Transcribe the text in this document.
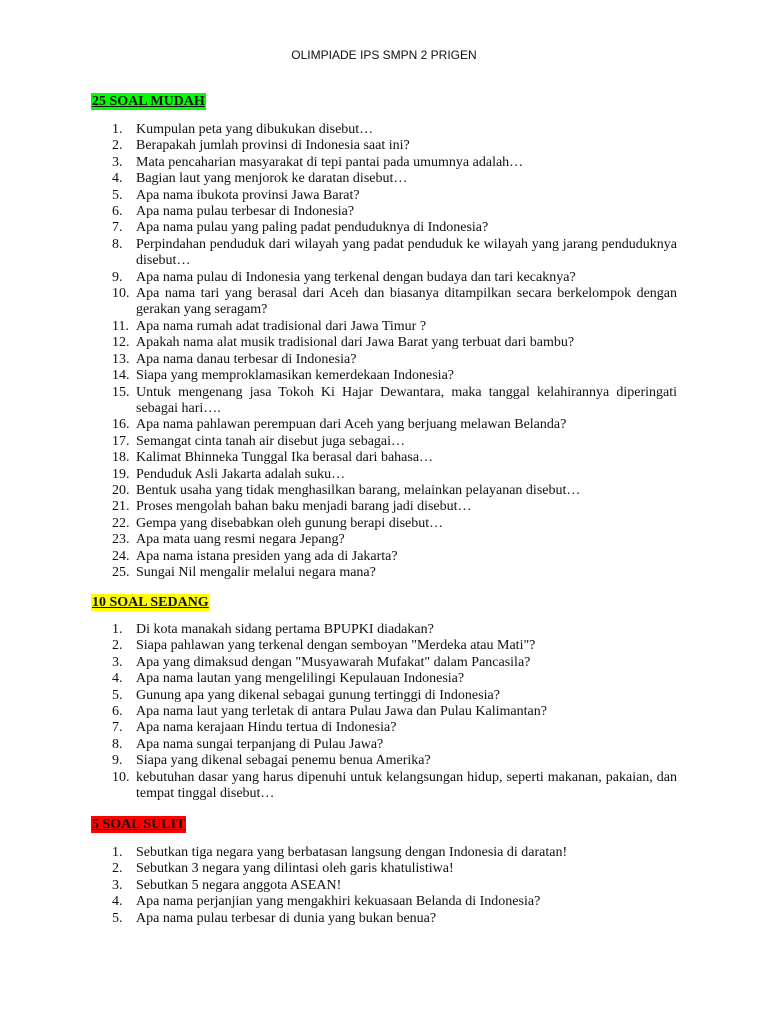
OLIMPIADE IPS SMPN 2 PRIGEN
25 SOAL MUDAH
1. Kumpulan peta yang dibukukan disebut…
2. Berapakah jumlah provinsi di Indonesia saat ini?
3. Mata pencaharian masyarakat di tepi pantai pada umumnya adalah…
4. Bagian laut yang menjorok ke daratan disebut…
5. Apa nama ibukota provinsi Jawa Barat?
6. Apa nama pulau terbesar di Indonesia?
7. Apa nama pulau yang paling padat penduduknya di Indonesia?
8. Perpindahan penduduk dari wilayah yang padat penduduk ke wilayah yang jarang penduduknya disebut…
9. Apa nama pulau di Indonesia yang terkenal dengan budaya dan tari kecaknya?
10. Apa nama tari yang berasal dari Aceh dan biasanya ditampilkan secara berkelompok dengan gerakan yang seragam?
11. Apa nama rumah adat tradisional dari Jawa Timur ?
12. Apakah nama alat musik tradisional dari Jawa Barat yang terbuat dari bambu?
13. Apa nama danau terbesar di Indonesia?
14. Siapa yang memproklamasikan kemerdekaan Indonesia?
15. Untuk mengenang jasa Tokoh Ki Hajar Dewantara, maka tanggal kelahirannya diperingati sebagai hari….
16. Apa nama pahlawan perempuan dari Aceh yang berjuang melawan Belanda?
17. Semangat cinta tanah air disebut juga sebagai…
18. Kalimat Bhinneka Tunggal Ika berasal dari bahasa…
19. Penduduk Asli Jakarta adalah suku…
20. Bentuk usaha yang tidak menghasilkan barang, melainkan pelayanan disebut…
21. Proses mengolah bahan baku menjadi barang jadi disebut…
22. Gempa yang disebabkan oleh gunung berapi disebut…
23. Apa mata uang resmi negara Jepang?
24. Apa nama istana presiden yang ada di Jakarta?
25. Sungai Nil mengalir melalui negara mana?
10 SOAL SEDANG
1. Di kota manakah sidang pertama BPUPKI diadakan?
2. Siapa pahlawan yang terkenal dengan semboyan "Merdeka atau Mati"?
3. Apa yang dimaksud dengan "Musyawarah Mufakat" dalam Pancasila?
4. Apa nama lautan yang mengelilingi Kepulauan Indonesia?
5. Gunung apa yang dikenal sebagai gunung tertinggi di Indonesia?
6. Apa nama laut yang terletak di antara Pulau Jawa dan Pulau Kalimantan?
7. Apa nama kerajaan Hindu tertua di Indonesia?
8. Apa nama sungai terpanjang di Pulau Jawa?
9. Siapa yang dikenal sebagai penemu benua Amerika?
10. kebutuhan dasar yang harus dipenuhi untuk kelangsungan hidup, seperti makanan, pakaian, dan tempat tinggal disebut…
5 SOAL SULIT
1. Sebutkan tiga negara yang berbatasan langsung dengan Indonesia di daratan!
2. Sebutkan 3 negara yang dilintasi oleh garis khatulistiwa!
3. Sebutkan 5 negara anggota ASEAN!
4. Apa nama perjanjian yang mengakhiri kekuasaan Belanda di Indonesia?
5. Apa nama pulau terbesar di dunia yang bukan benua?
